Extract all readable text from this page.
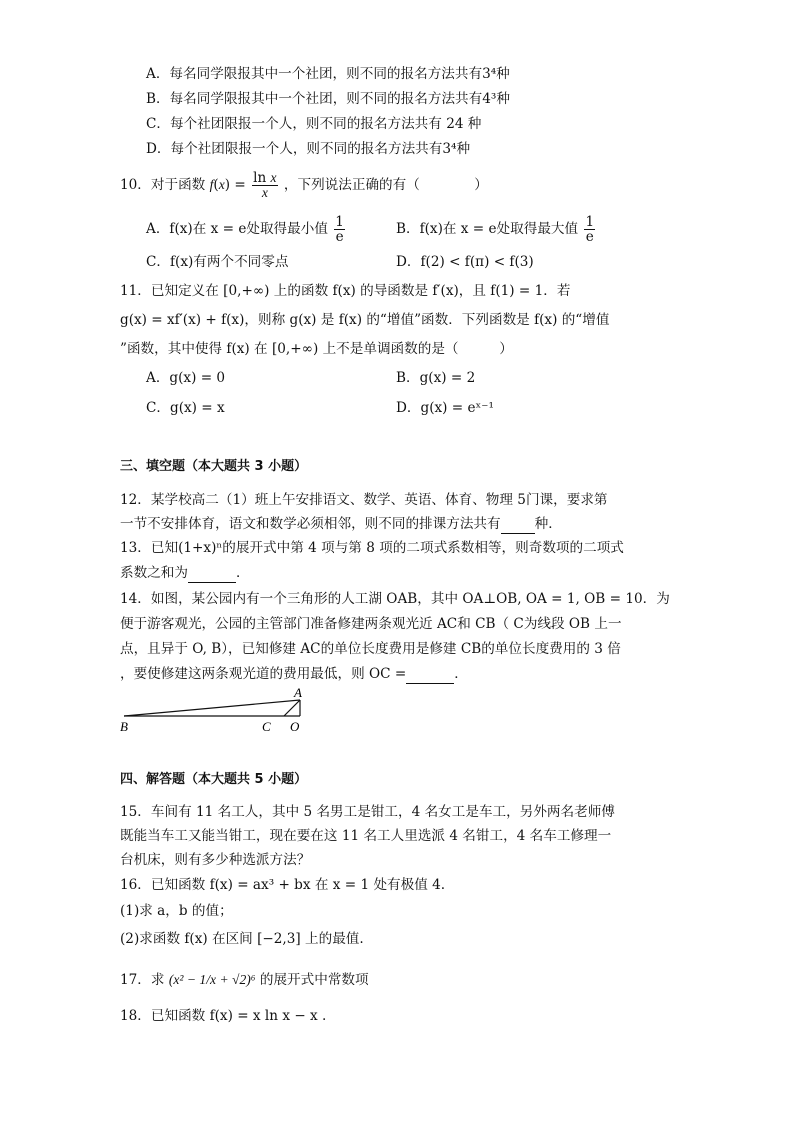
A．每名同学限报其中一个社团，则不同的报名方法共有3⁴种
B．每名同学限报其中一个社团，则不同的报名方法共有4³种
C．每个社团限报一个人，则不同的报名方法共有 24 种
D．每个社团限报一个人，则不同的报名方法共有3⁴种
10．对于函数 $f(x) = \frac{\text{ln x}}{x}$ ，下列说法正确的有（　　　　）
A．f(x)在 x = e处取得最小值 $\frac{1}{e}$	B．f(x)在 x = e处取得最大值 $\frac{1}{e}$
C．f(x)有两个不同零点	D．f(2) < f(π) < f(3)
11．已知定义在 [0,+∞) 上的函数 f(x) 的导函数是 f′(x)，且 f(1) = 1．若
g(x) = xf′(x) + f(x)，则称 g(x) 是 f(x) 的“增值”函数．下列函数是 f(x) 的“增值
”函数，其中使得 f(x) 在 [0,+∞) 上不是单调函数的是（　　　）
A．g(x) = 0	B．g(x) = 2
C．g(x) = x	D．g(x) = eˣ⁻¹
三、填空题（本大题共 3 小题）
12．某学校高二（1）班上午安排语文、数学、英语、体育、物理 5门课，要求第
一节不安排体育，语文和数学必须相邻，则不同的排课方法共有	种．
13．已知(1+x)ⁿ的展开式中第 4 项与第 8 项的二项式系数相等，则奇数项的二项式
系数之和为	．
14．如图，某公园内有一个三角形的人工湖 OAB，其中 OA⊥OB, OA = 1, OB = 10．为
便于游客观光，公园的主管部门准备修建两条观光近 AC和 CB（ C为线段 OB 上一
点，且异于 O, B），已知修建 AC的单位长度费用是修建 CB的单位长度费用的 3 倍
，要使修建这两条观光道的费用最低，则 OC =	．
A
B	C O
四、解答题（本大题共 5 小题）
15．车间有 11 名工人，其中 5 名男工是钳工，4 名女工是车工，另外两名老师傅
既能当车工又能当钳工，现在要在这 11 名工人里选派 4 名钳工，4 名车工修理一
台机床，则有多少种选派方法？
16．已知函数 f(x) = ax³ + bx 在 x = 1 处有极值 4.
(1)求 a，b 的值；
(2)求函数 f(x) 在区间 [−2,3] 上的最值.
17．求 (x² − 1/x + √2)⁶ 的展开式中常数项
18．已知函数 f(x) = x ln x − x .
